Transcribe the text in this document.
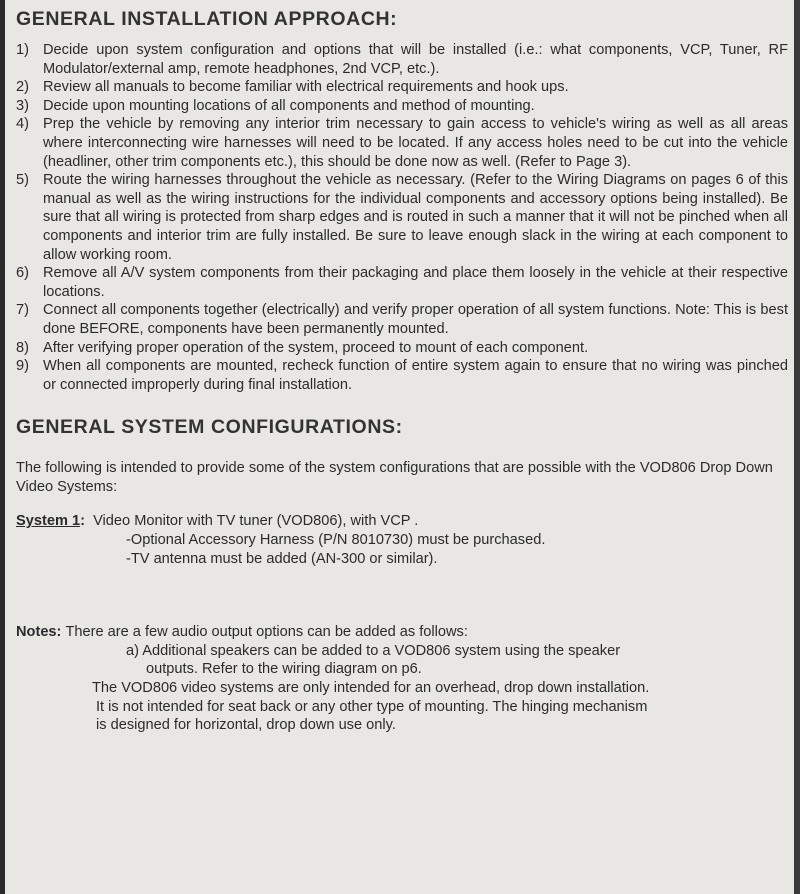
GENERAL INSTALLATION APPROACH:
1) Decide upon system configuration and options that will be installed (i.e.: what components, VCP, Tuner, RF Modulator/external amp, remote headphones, 2nd VCP, etc.).
2) Review all manuals to become familiar with electrical requirements and hook ups.
3) Decide upon mounting locations of all components and method of mounting.
4) Prep the vehicle by removing any interior trim necessary to gain access to vehicle's wiring as well as all areas where interconnecting wire harnesses will need to be located. If any access holes need to be cut into the vehicle (headliner, other trim components etc.), this should be done now as well. (Refer to Page 3).
5) Route the wiring harnesses throughout the vehicle as necessary. (Refer to the Wiring Diagrams on pages 6 of this manual as well as the wiring instructions for the individual components and accessory options being installed). Be sure that all wiring is protected from sharp edges and is routed in such a manner that it will not be pinched when all components and interior trim are fully installed. Be sure to leave enough slack in the wiring at each component to allow working room.
6) Remove all A/V system components from their packaging and place them loosely in the vehicle at their respective locations.
7) Connect all components together (electrically) and verify proper operation of all system functions. Note: This is best done BEFORE, components have been permanently mounted.
8) After verifying proper operation of the system, proceed to mount of each component.
9) When all components are mounted, recheck function of entire system again to ensure that no wiring was pinched or connected improperly during final installation.
GENERAL SYSTEM CONFIGURATIONS:

The following is intended to provide some of the system configurations that are possible with the VOD806 Drop Down Video Systems:

System 1: Video Monitor with TV tuner (VOD806), with VCP .
-Optional Accessory Harness (P/N 8010730) must be purchased.
-TV antenna must be added (AN-300 or similar).
Notes: There are a few audio output options can be added as follows:
a) Additional speakers can be added to a VOD806 system using the speaker
outputs. Refer to the wiring diagram on p6.
The VOD806 video systems are only intended for an overhead, drop down installation.
It is not intended for seat back or any other type of mounting. The hinging mechanism
is designed for horizontal, drop down use only.
